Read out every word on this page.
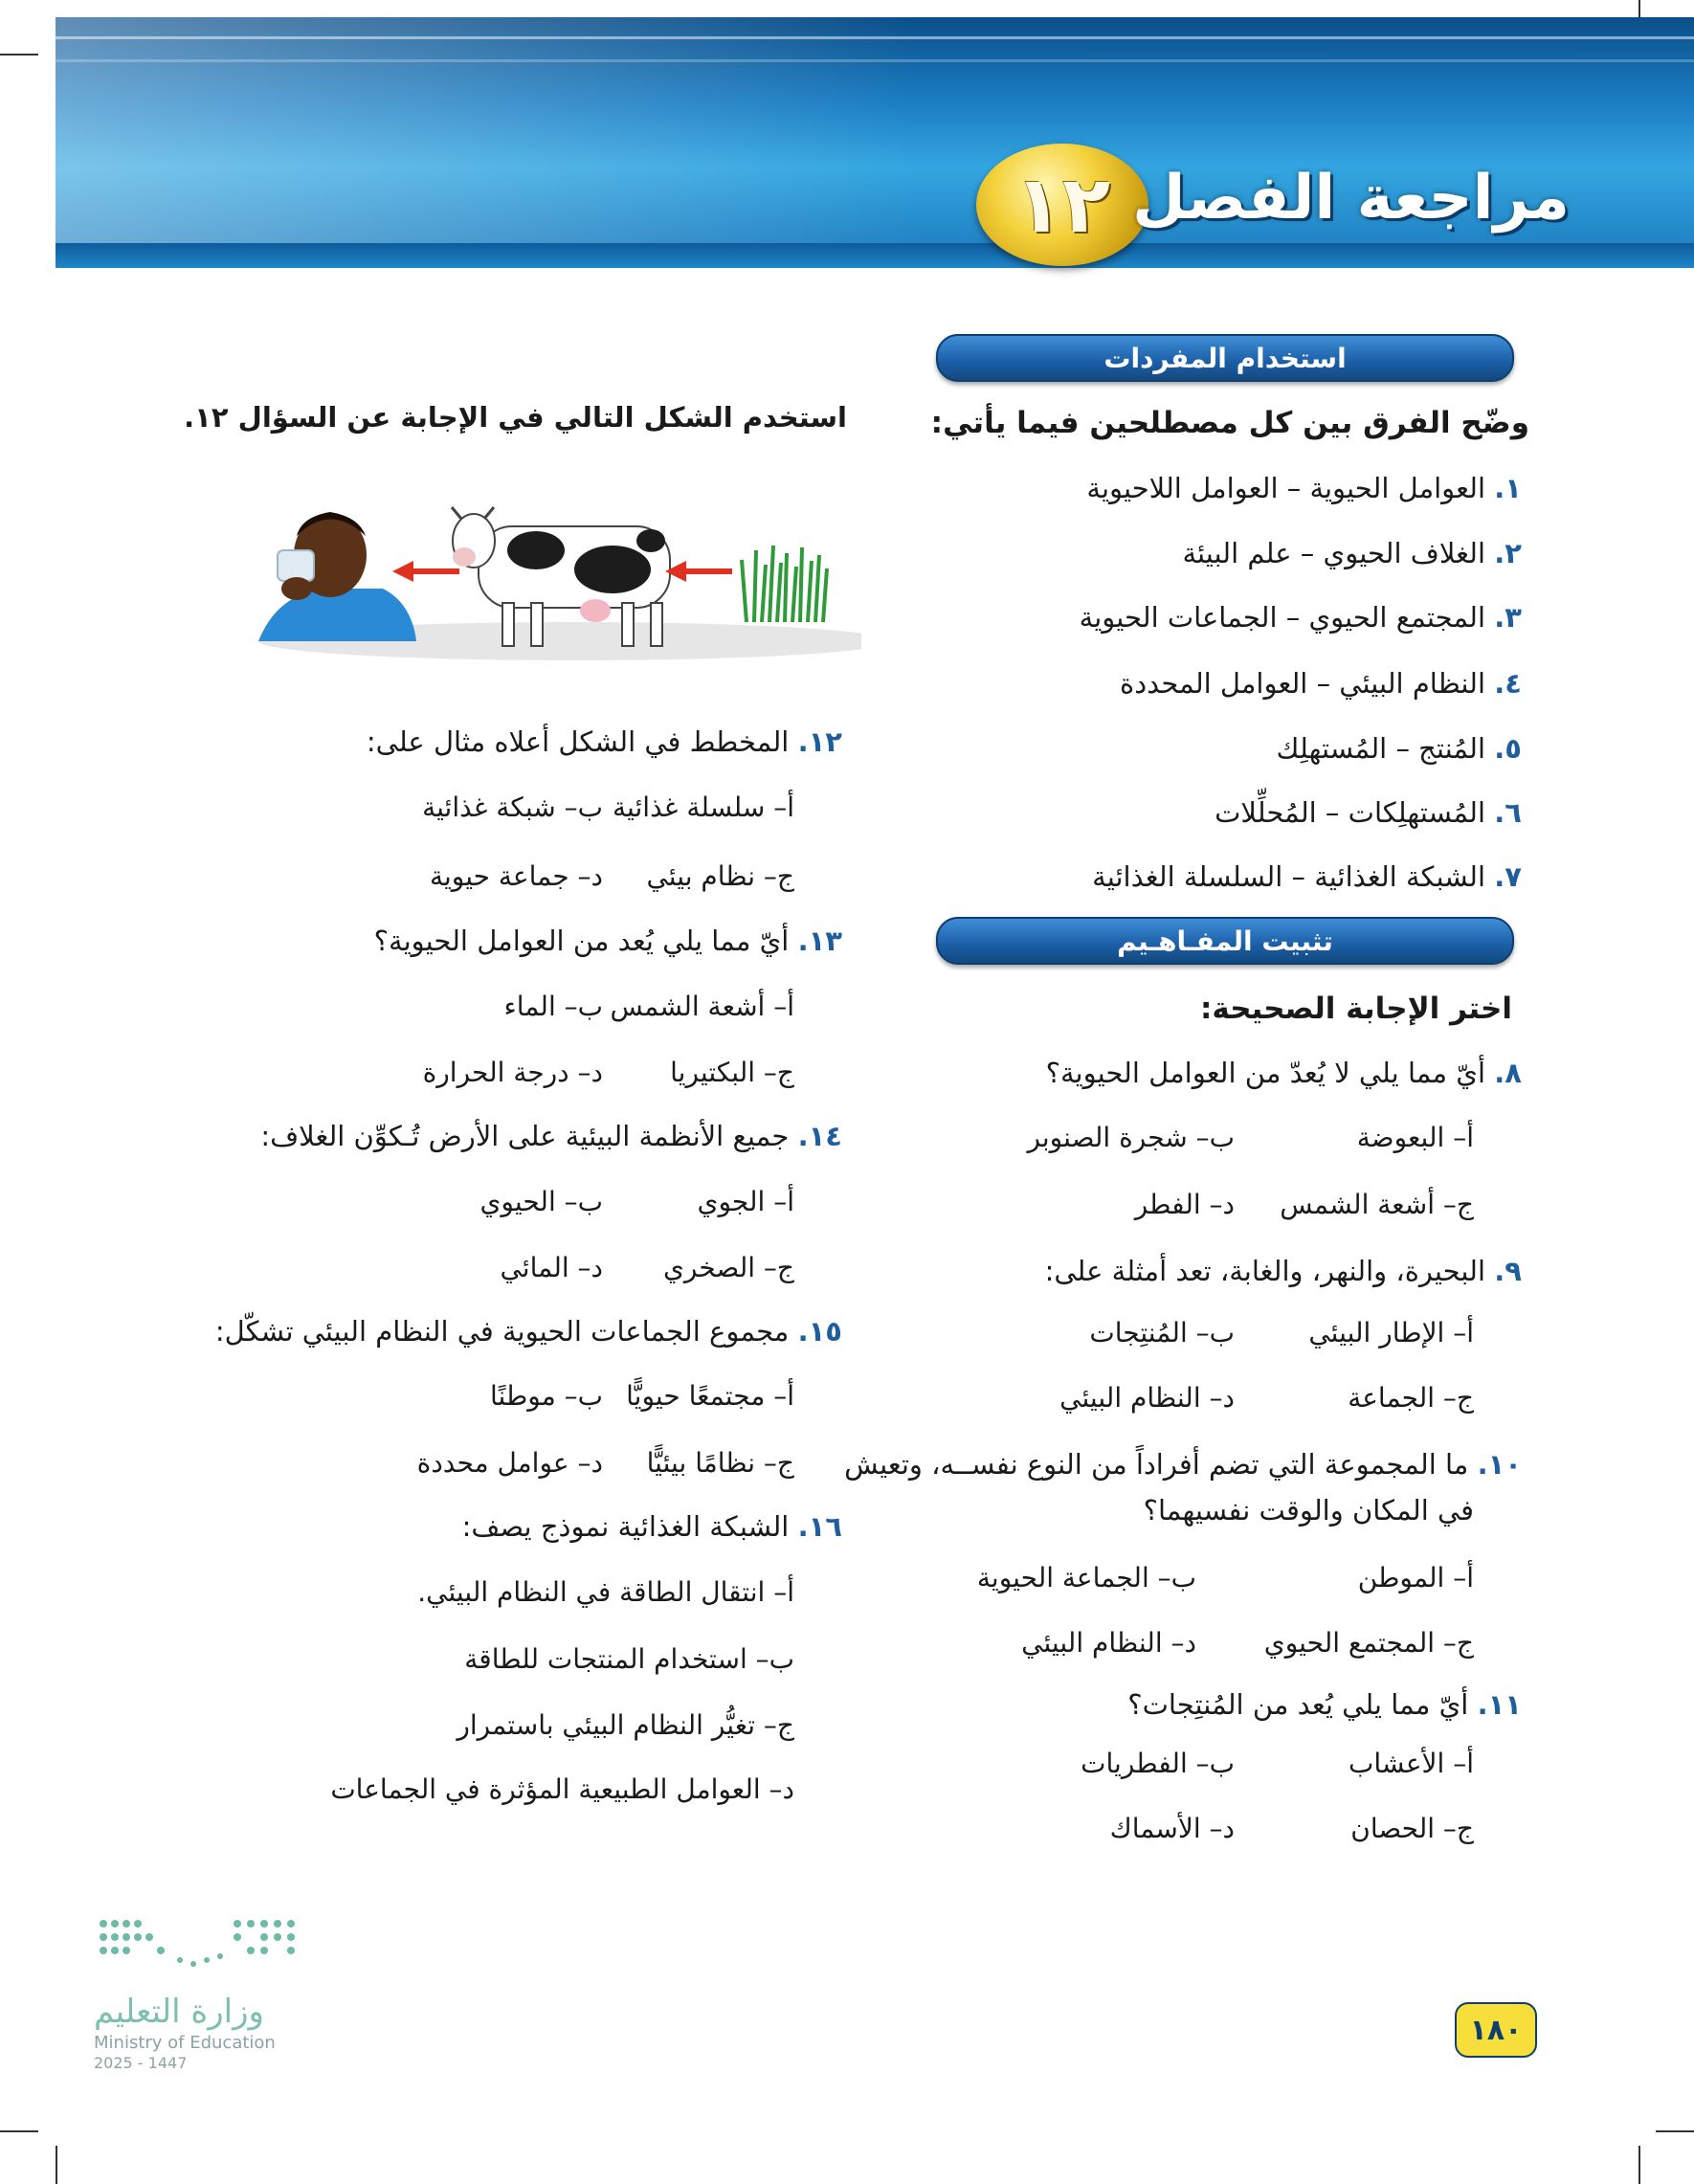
١٢ مراجعة الفصل
استخدام المفردات
وضّح الفرق بين كل مصطلحين فيما يأتي:
١. العوامل الحيوية – العوامل اللاحيوية
٢. الغلاف الحيوي – علم البيئة
٣. المجتمع الحيوي – الجماعات الحيوية
٤. النظام البيئي – العوامل المحددة
٥. المُنتج – المُستهلِك
٦. المُستهلِكات – المُحلِّلات
٧. الشبكة الغذائية – السلسلة الغذائية
تثبيت المفـاهـيم
اختر الإجابة الصحيحة:
٨. أيّ مما يلي لا يُعدّ من العوامل الحيوية؟
أ– البعوضة
ب– شجرة الصنوبر
ج– أشعة الشمس
د– الفطر
٩. البحيرة، والنهر، والغابة، تعد أمثلة على:
أ– الإطار البيئي
ب– المُنتِجات
ج– الجماعة
د– النظام البيئي
١٠. ما المجموعة التي تضم أفراداً من النوع نفســه، وتعيش
في المكان والوقت نفسيهما؟
أ– الموطن
ب– الجماعة الحيوية
ج– المجتمع الحيوي
د– النظام البيئي
١١. أيّ مما يلي يُعد من المُنتِجات؟
أ– الأعشاب
ب– الفطريات
ج– الحصان
د– الأسماك
استخدم الشكل التالي في الإجابة عن السؤال ١٢.
١٢. المخطط في الشكل أعلاه مثال على:
أ– سلسلة غذائية
ب– شبكة غذائية
ج– نظام بيئي
د– جماعة حيوية
١٣. أيّ مما يلي يُعد من العوامل الحيوية؟
أ– أشعة الشمس
ب– الماء
ج– البكتيريا
د– درجة الحرارة
١٤. جميع الأنظمة البيئية على الأرض تُـكوِّن الغلاف:
أ– الجوي
ب– الحيوي
ج– الصخري
د– المائي
١٥. مجموع الجماعات الحيوية في النظام البيئي تشكّل:
أ– مجتمعًا حيويًّا
ب– موطنًا
ج– نظامًا بيئيًّا
د– عوامل محددة
١٦. الشبكة الغذائية نموذج يصف:
أ– انتقال الطاقة في النظام البيئي.
ب– استخدام المنتجات للطاقة
ج– تغيُّر النظام البيئي باستمرار
د– العوامل الطبيعية المؤثرة في الجماعات
وزارة التعليم
Ministry of Education
2025 - 1447
١٨٠
